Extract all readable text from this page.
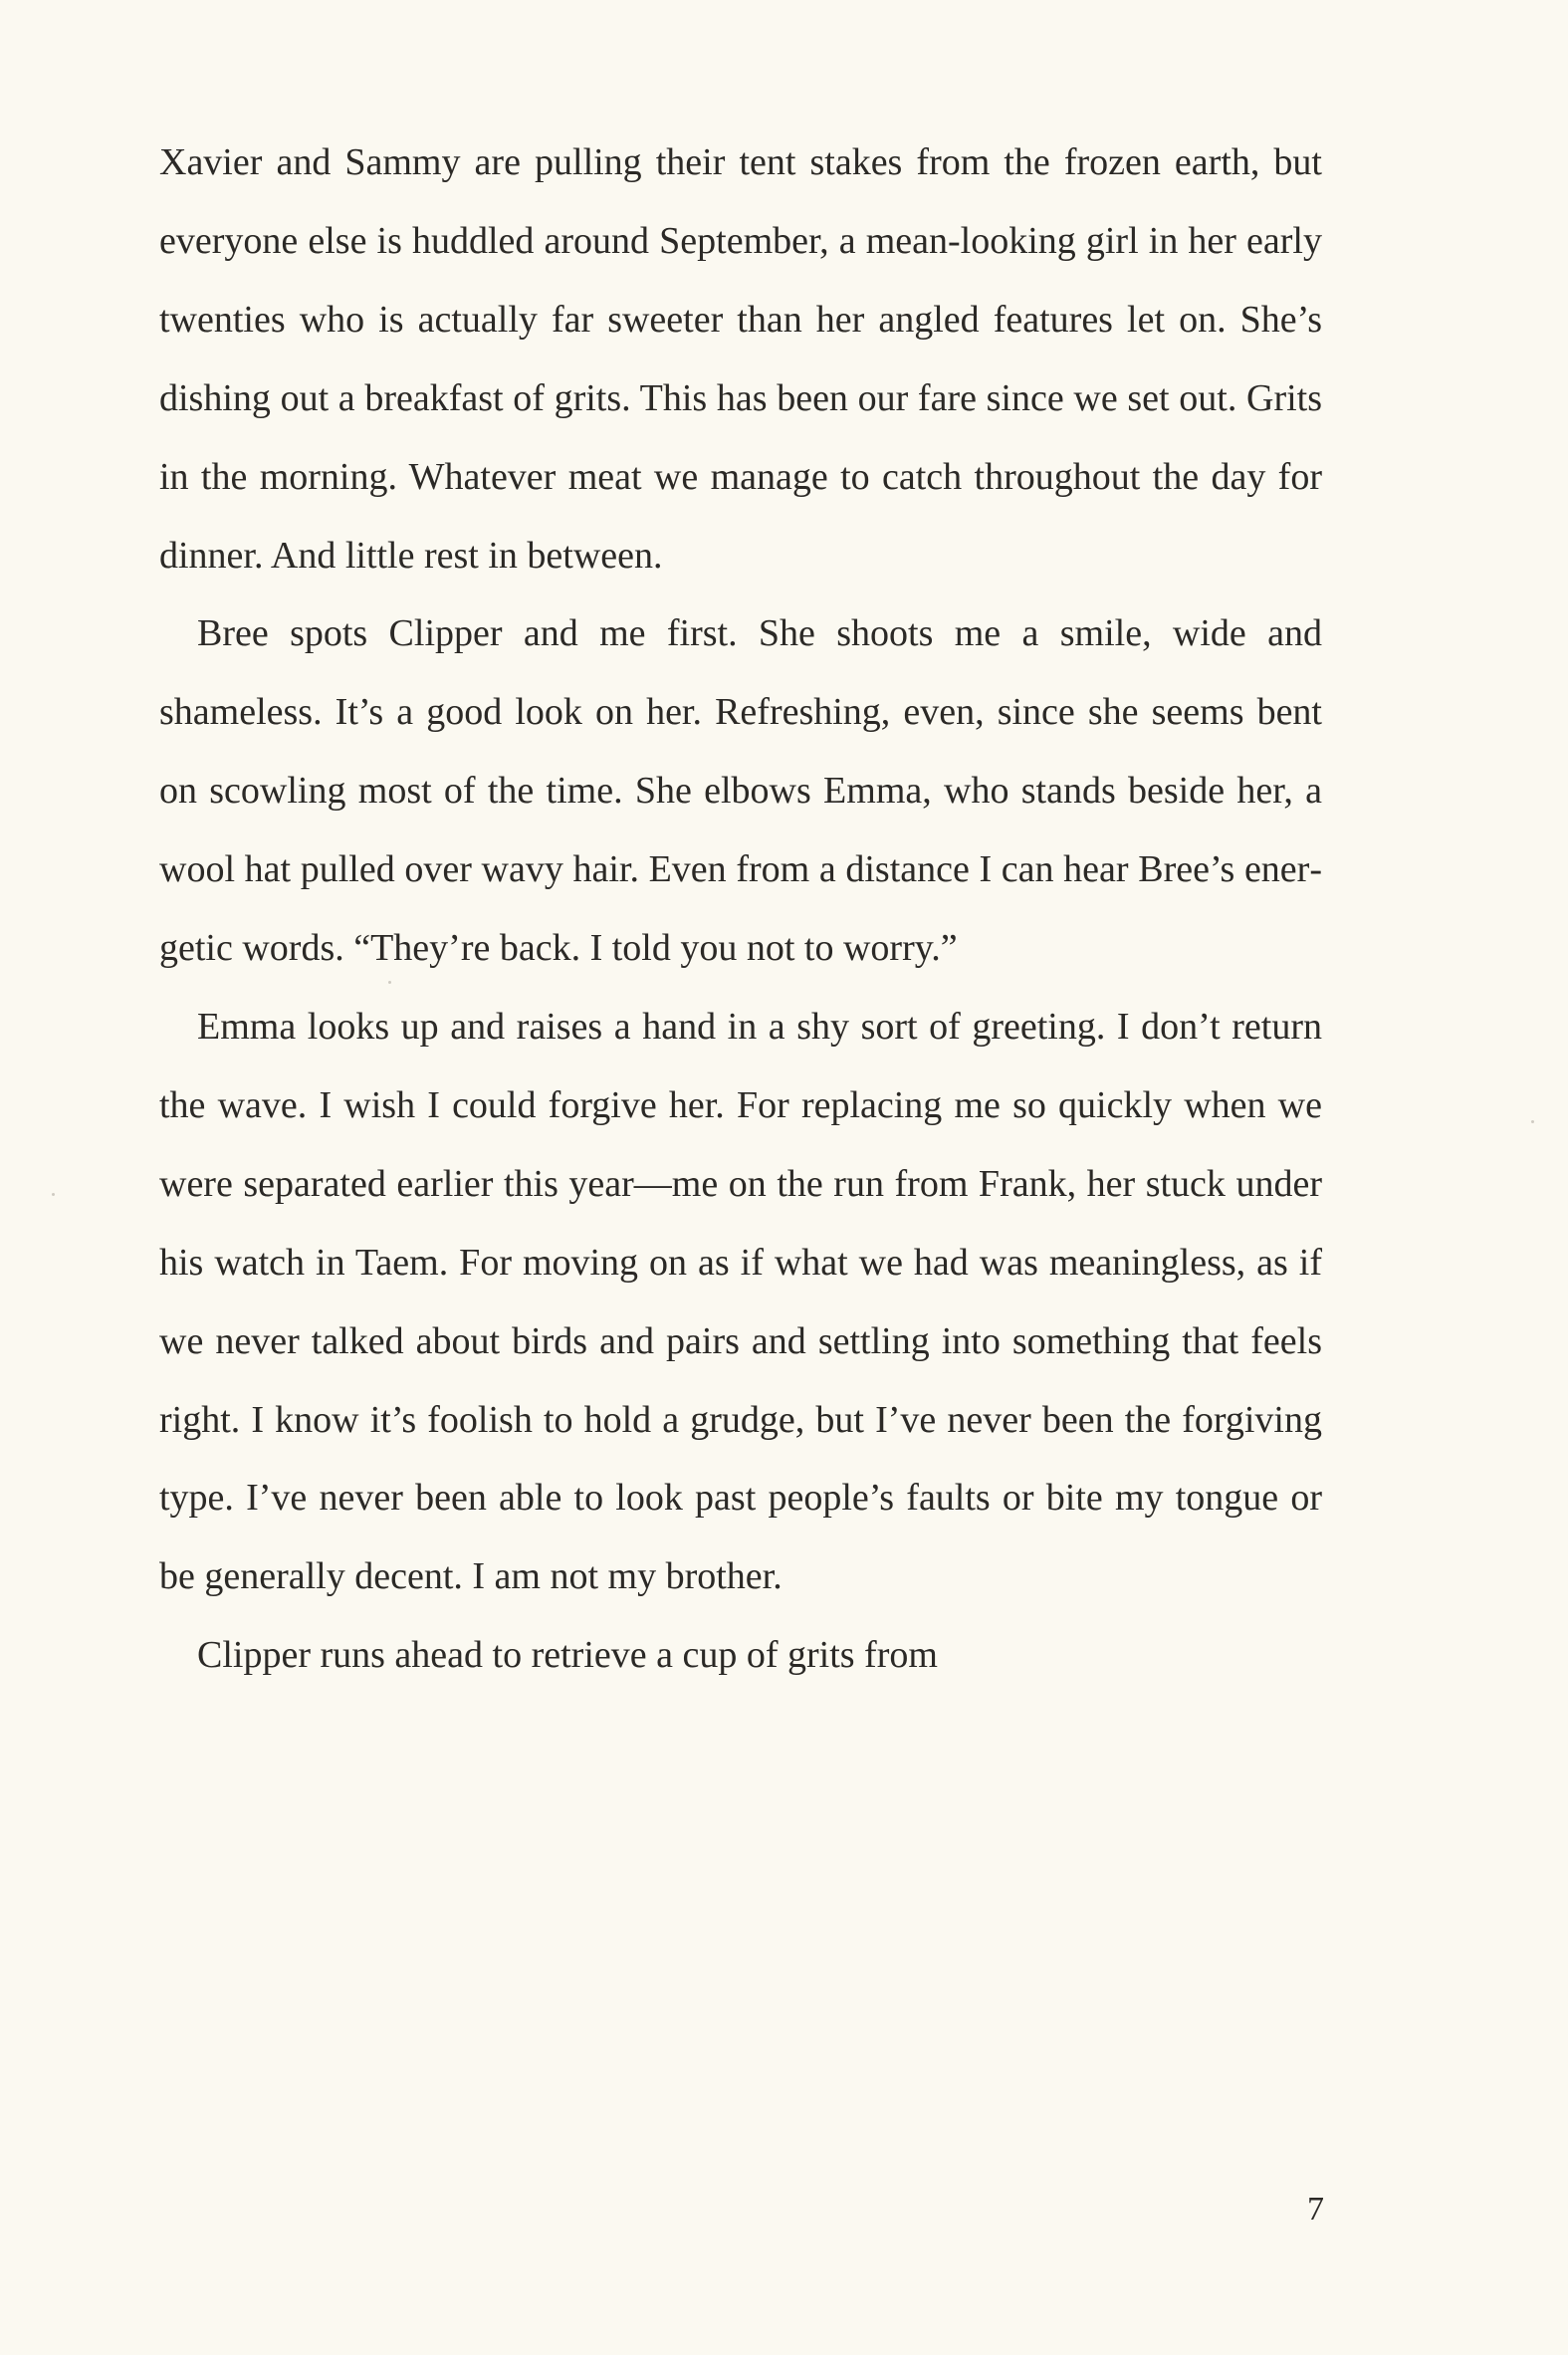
Xavier and Sammy are pulling their tent stakes from the frozen earth, but everyone else is huddled around September, a mean-looking girl in her early twenties who is actually far sweeter than her angled features let on. She’s dishing out a breakfast of grits. This has been our fare since we set out. Grits in the morning. Whatever meat we manage to catch throughout the day for dinner. And little rest in between.

Bree spots Clipper and me first. She shoots me a smile, wide and shameless. It’s a good look on her. Refreshing, even, since she seems bent on scowling most of the time. She elbows Emma, who stands beside her, a wool hat pulled over wavy hair. Even from a distance I can hear Bree’s energetic words. “They’re back. I told you not to worry.”

Emma looks up and raises a hand in a shy sort of greeting. I don’t return the wave. I wish I could forgive her. For replacing me so quickly when we were separated earlier this year—me on the run from Frank, her stuck under his watch in Taem. For moving on as if what we had was meaningless, as if we never talked about birds and pairs and settling into something that feels right. I know it’s foolish to hold a grudge, but I’ve never been the forgiving type. I’ve never been able to look past people’s faults or bite my tongue or be generally decent. I am not my brother.

Clipper runs ahead to retrieve a cup of grits from

7
